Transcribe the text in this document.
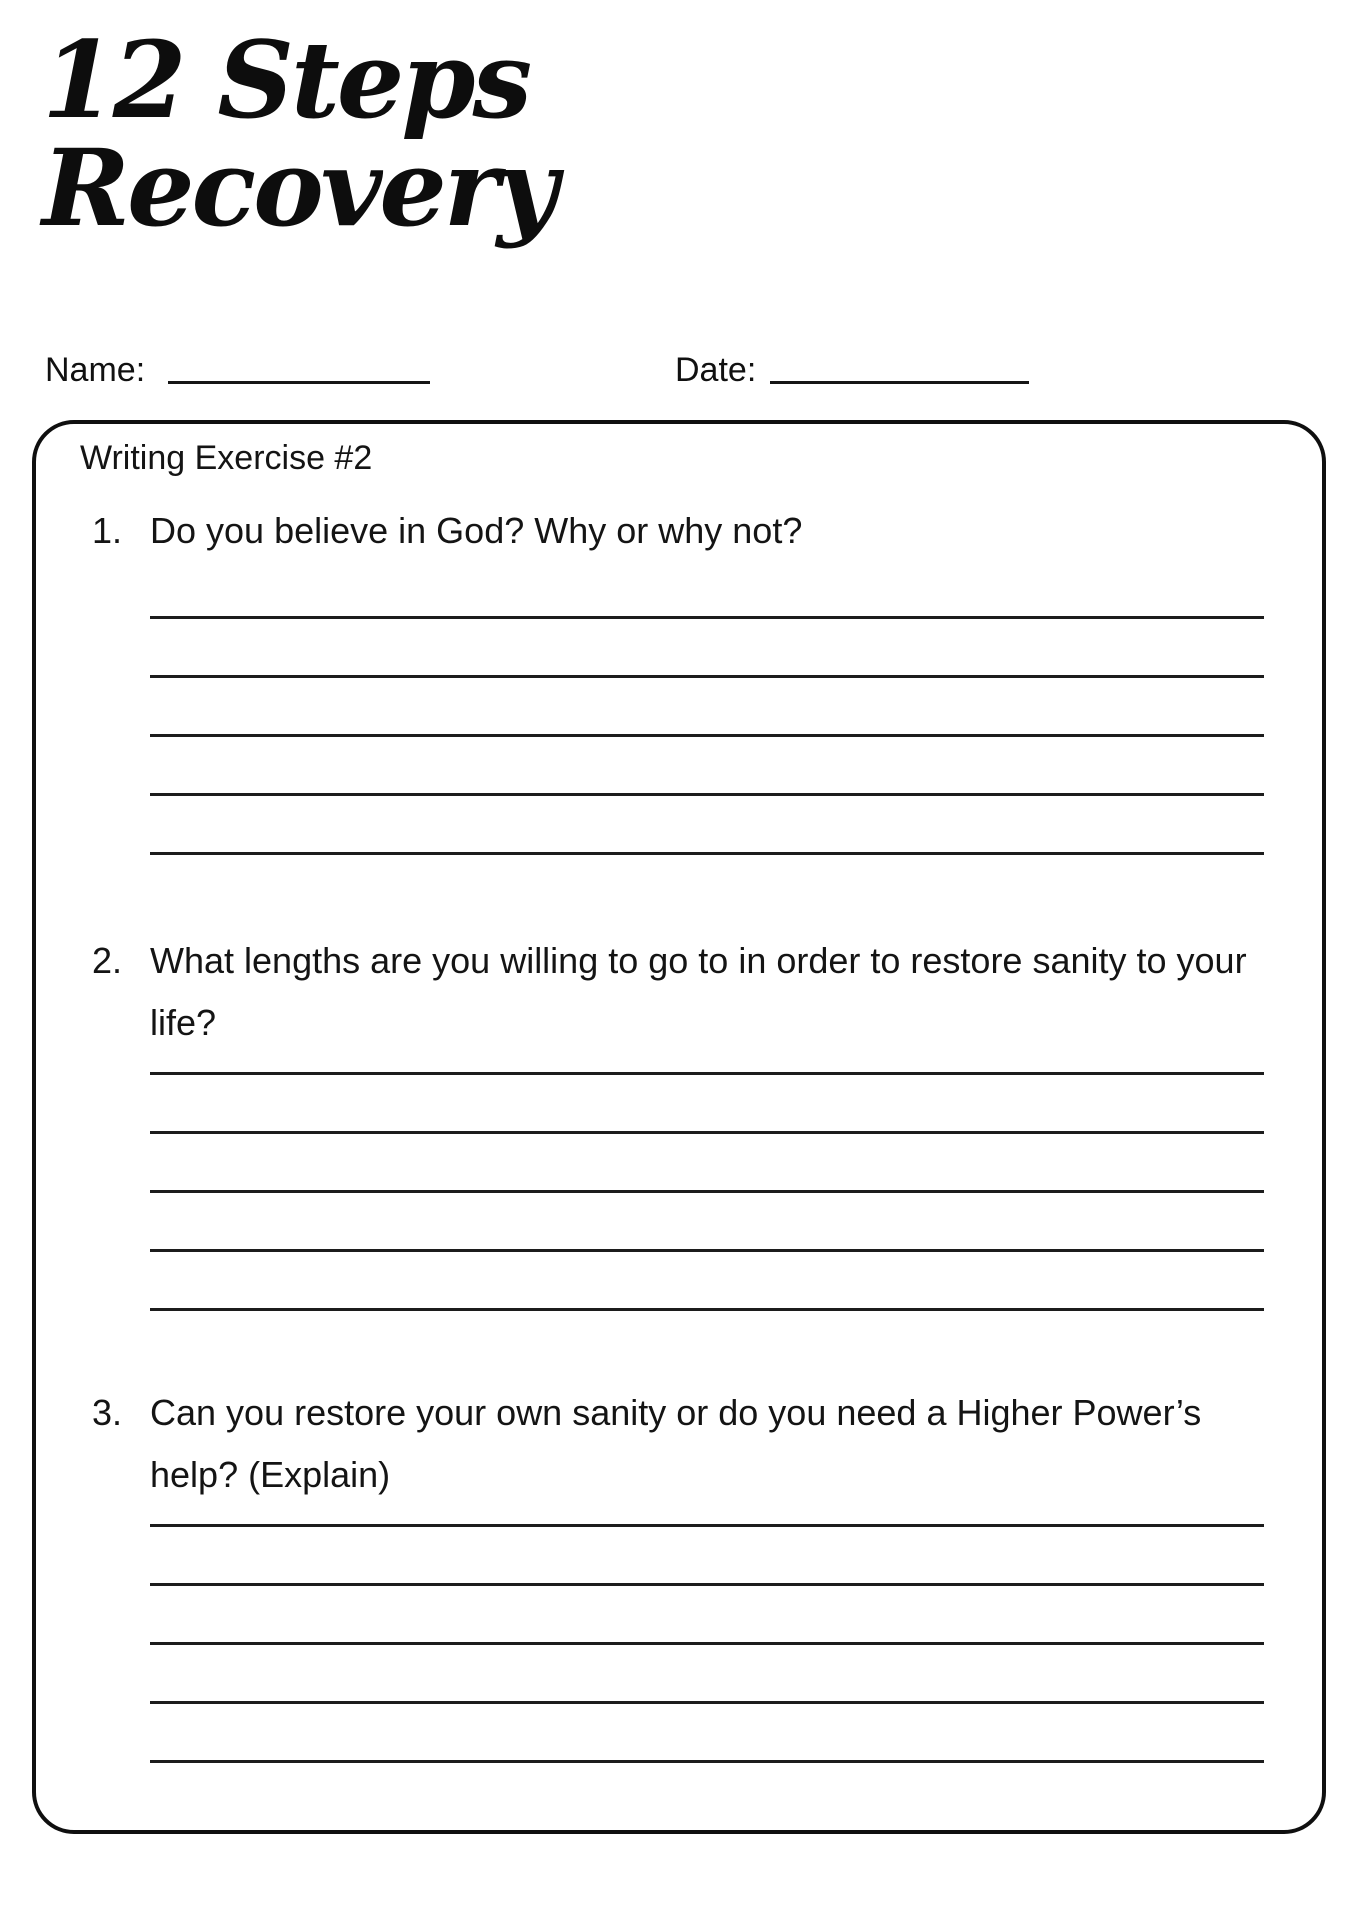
12 Steps
Recovery
Name:	Date:
Writing Exercise #2
1. Do you believe in God? Why or why not?
2. What lengths are you willing to go to in order to restore sanity to your life?
3. Can you restore your own sanity or do you need a Higher Power’s help? (Explain)
